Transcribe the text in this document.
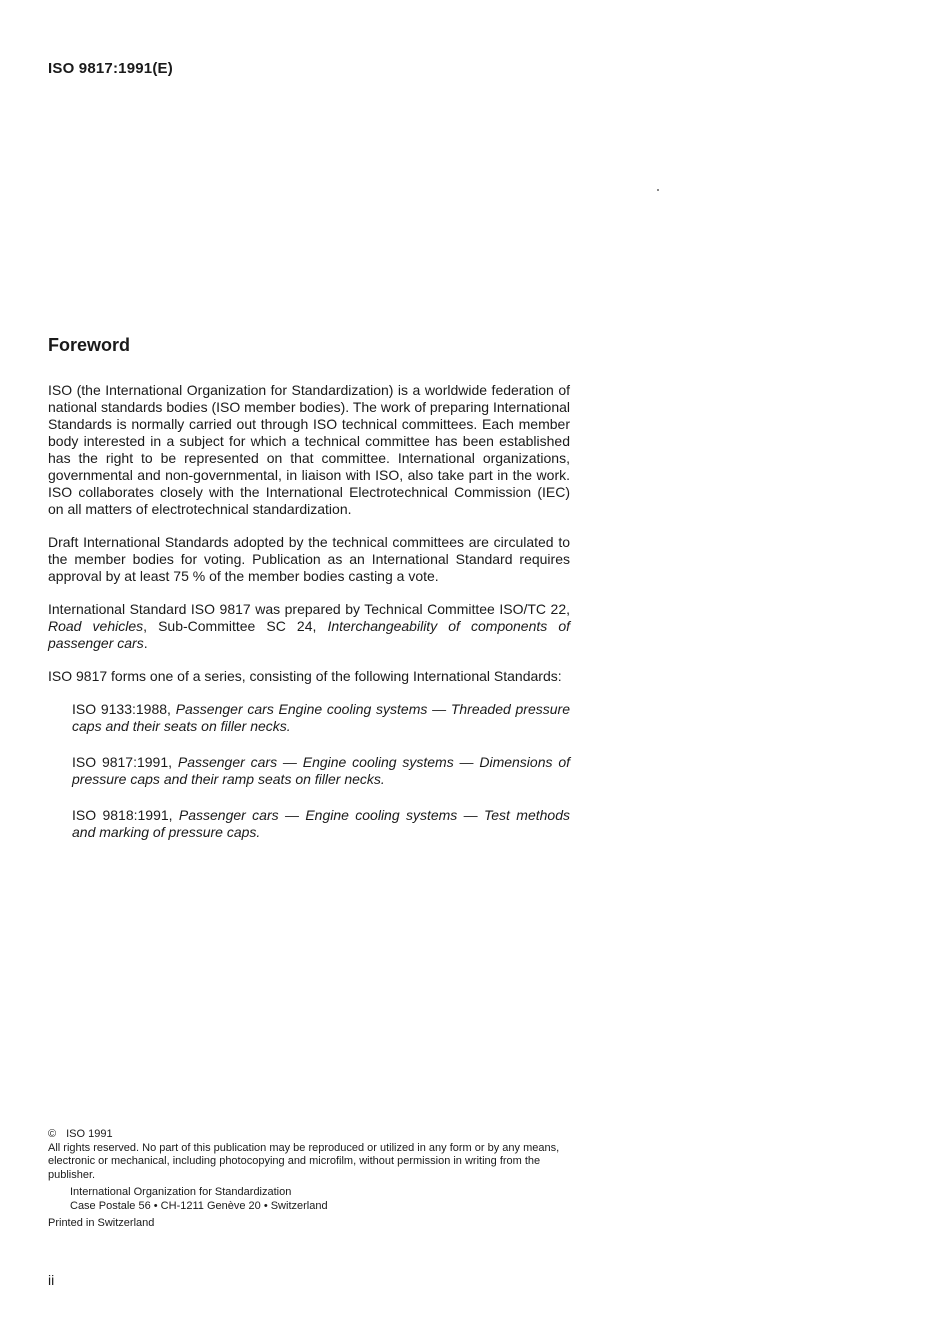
ISO 9817:1991(E)
Foreword

ISO (the International Organization for Standardization) is a worldwide federation of national standards bodies (ISO member bodies). The work of preparing International Standards is normally carried out through ISO technical committees. Each member body interested in a subject for which a technical committee has been established has the right to be represented on that committee. International organizations, governmental and non-governmental, in liaison with ISO, also take part in the work. ISO collaborates closely with the International Electrotechnical Commission (IEC) on all matters of electrotechnical standardization.

Draft International Standards adopted by the technical committees are circulated to the member bodies for voting. Publication as an International Standard requires approval by at least 75 % of the member bodies casting a vote.

International Standard ISO 9817 was prepared by Technical Committee ISO/TC 22, Road vehicles, Sub-Committee SC 24, Interchangeability of components of passenger cars.

ISO 9817 forms one of a series, consisting of the following International Standards:

ISO 9133:1988, Passenger cars Engine cooling systems — Threaded pressure caps and their seats on filler necks.

ISO 9817:1991, Passenger cars — Engine cooling systems — Dimensions of pressure caps and their ramp seats on filler necks.

ISO 9818:1991, Passenger cars — Engine cooling systems — Test methods and marking of pressure caps.

© ISO 1991
All rights reserved. No part of this publication may be reproduced or utilized in any form or by any means, electronic or mechanical, including photocopying and microfilm, without permission in writing from the publisher.
International Organization for Standardization
Case Postale 56 • CH-1211 Genève 20 • Switzerland
Printed in Switzerland
ii
